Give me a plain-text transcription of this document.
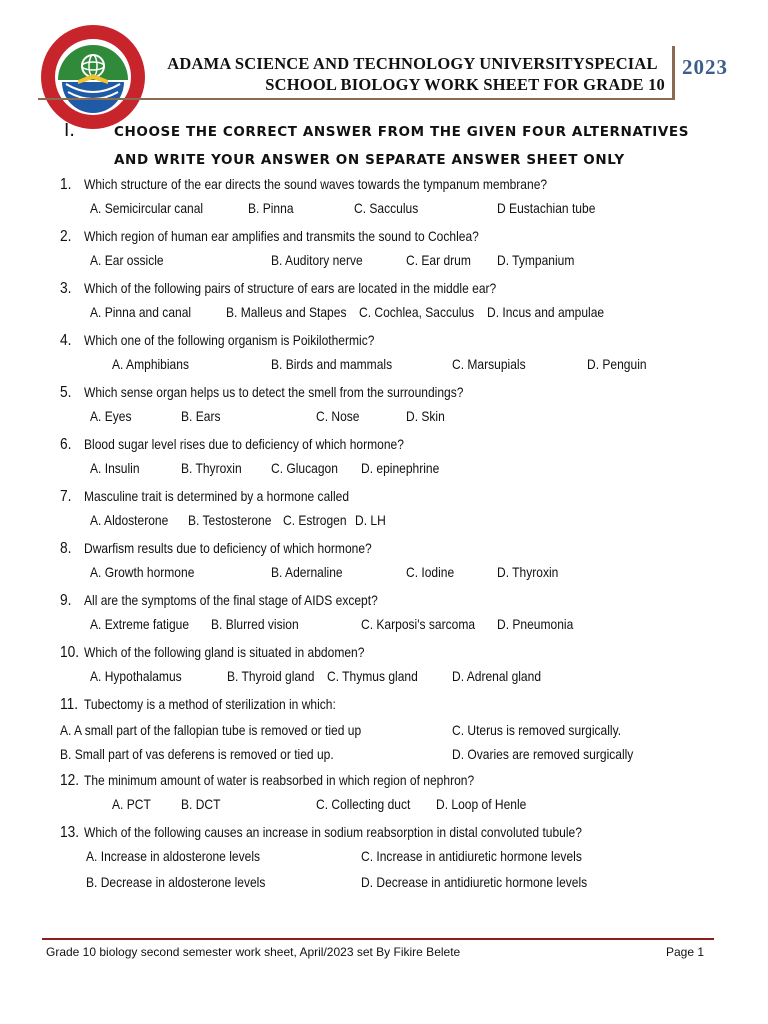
ADAMA SCIENCE AND TECHNOLOGY UNIVERSITYSPECIAL
SCHOOL BIOLOGY WORK SHEET FOR GRADE 10
2023
I.	CHOOSE THE CORRECT ANSWER FROM THE GIVEN FOUR ALTERNATIVES
AND WRITE YOUR ANSWER ON SEPARATE ANSWER SHEET ONLY
1. Which structure of the ear directs the sound waves towards the tympanum membrane?
A. Semicircular canal	B. Pinna	C. Sacculus	D Eustachian tube
2. Which region of human ear amplifies and transmits the sound to Cochlea?
A. Ear ossicle	B. Auditory nerve	C. Ear drum D. Tympanium
3. Which of the following pairs of structure of ears are located in the middle ear?
A. Pinna and canal B. Malleus and Stapes C. Cochlea, Sacculus D. Incus and ampulae
4. Which one of the following organism is Poikilothermic?
A. Amphibians	B. Birds and mammals	C. Marsupials	D. Penguin
5. Which sense organ helps us to detect the smell from the surroundings?
A. Eyes	B. Ears	C. Nose	D. Skin
6. Blood sugar level rises due to deficiency of which hormone?
A. Insulin	B. Thyroxin C. Glucagon D. epinephrine
7. Masculine trait is determined by a hormone called
A. Aldosterone B. Testosterone C. Estrogen D. LH
8. Dwarfism results due to deficiency of which hormone?
A. Growth hormone	B. Adernaline	C. Iodine	D. Thyroxin
9. All are the symptoms of the final stage of AIDS except?
A. Extreme fatigue B. Blurred vision	C. Karposi's sarcoma D. Pneumonia
10. Which of the following gland is situated in abdomen?
A. Hypothalamus	B. Thyroid gland C. Thymus gland D. Adrenal gland
11. Tubectomy is a method of sterilization in which:
A. A small part of the fallopian tube is removed or tied up	C. Uterus is removed surgically.
B. Small part of vas deferens is removed or tied up.	D. Ovaries are removed surgically
12. The minimum amount of water is reabsorbed in which region of nephron?
A. PCT B. DCT	C. Collecting duct D. Loop of Henle
13. Which of the following causes an increase in sodium reabsorption in distal convoluted tubule?
A. Increase in aldosterone levels	C. Increase in antidiuretic hormone levels
B. Decrease in aldosterone levels	D. Decrease in antidiuretic hormone levels
Grade 10 biology second semester work sheet, April/2023 set By Fikire Belete	Page 1
